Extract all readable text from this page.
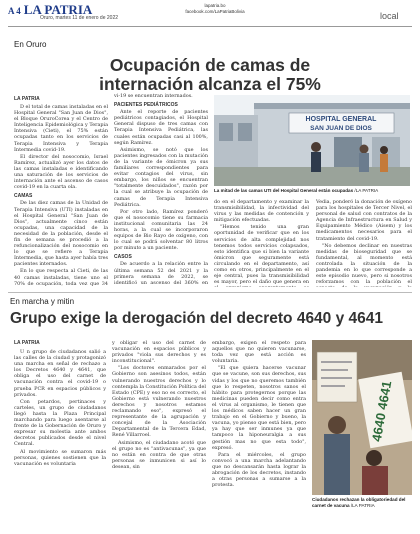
A 4 LA PATRIA
Oruro, martes 11 de enero de 2022
lapatria.bo
facebook.com/LaPatriaBolivia	local
En Oruro
Ocupación de camas de
internación alcanza el 75%
LA PATRIA

D el total de camas instaladas en el Hospital General "San Juan de Dios", el Bloque OruroCorea y el Centro de Inteligencia Epidemiológica y Terapia Intensiva (Cieti), el 75% están ocupadas tanto en los servicios de Terapia Intensiva y Terapia Intermedia covid-19.

El director del nosocomio, Israel Ramírez, actualizó ayer los datos de las camas instaladas e identificando una saturación de los servicios de internación ante el ascenso de casos covid-19 en la cuarta ola.

CAMAS

De las diez camas de la Unidad de Terapia Intensiva (UTI) instaladas en el Hospital General "San Juan de Dios", actualmente cinco están ocupadas, una capacidad de la necesidad de la población, desde el fin de semana se procedió a la refuncionalización del nosocomio en lo que se refiere a Terapia Intermedia, que hasta ayer había tres pacientes internados.

En lo que respecta al Cieti, de las 40 camas instaladas, tiene uno el 70% de ocupación, toda vez que 34

vi-19 se encuentran internados.

PACIENTES PEDIÁTRICOS

Ante el reporte de pacientes pediátricos contagiados, el Hospital General dispuso de tres camas con Terapia Intensiva Pediátrica, las cuales están ocupadas casi al 100%, según Ramírez.

Asimismo, se notó que los pacientes ingresados con la mutación de la variante de ómicron ya sus familiares correspondientes para evitar contagios del virus, sin embargo, los niños se encuentran "totalmente descuidados", razón por la cual se atribuye la ocupación de camas de Terapia Intensiva Pediátrica.

Por otro lado, Ramírez ponderó que el nosocomio tiene su farmacia institucional comunitaria las 24 horas, a la cual se incorporaron equipos de Bio Rayo de oxígeno, con lo cual se podrá solventar 80 litros por minuto a un paciente.

CASOS

De acuerdo a la relación entre la última semana 52 del 2021 y la primera semana de 2022, se identificó un ascenso del 360% en

HOSPITAL GENERAL
SAN JUAN DE DIOS
La mitad de las camas UTI del Hospital General están ocupadas /LA PATRIA

do en el departamento y examinar la transmisibilidad, la infectividad del virus y las medidas de contención y mitigación efectuadas.

"Hemos tenido una gran oportunidad de verificar que en los servicios de alta complejidad nos tenemos todos servicios colapsados, esto identifica que si bien la variante ómicron que seguramente está circulando en el departamento, así como en otros, principalmente en el eje central, pues la transmisibilidad es mayor, pero el daño que genera en

Vedia, ponderó la donación de oxígeno para los hospitales de Tercer Nivel, el personal de salud con contratos de la Agencia de Infraestructura en Salud y Equipamiento Médico (Aisem) y los medicamentos necesarios para el tratamiento del covid-19.

"No debemos declinar en nuestras medidas de bioseguridad que se fundamental, al momento está controlada la situación de la pandemia en lo que corresponde a este episodio nuevo, pero si nosotros reforzamos con la población el

En marcha y mitin
Grupo exige la derogación del decreto 4640 y 4641
LA PATRIA

U n grupo de ciudadanos salió a las calles de la ciudad y protagonizó una marcha en señal de rechazo a los Decretos 4640 y 4641, que obliga el uso del carnet de vacunación contra el covid-19 o prueba PCR en espacios públicos y privados.

Con petardos, pertinaces y carteles, un grupo de ciudadanos llegó hasta la Plaza Principal marchando para luego asentarse al frente de la Gobernación de Oruro y expresar su molestia ante ambos decretos publicados desde el nivel Central.

Al movimiento se sumaron más personas, quienes sostienen que la vacunación es voluntaria

y obligar el uso del carnet de vacunación en espacios públicos y privados "viola sus derechos y es inconstitucional".

"Los doctores enmarados por el Gobierno son asesinos todos, están vulnerando nuestros derechos y lo contempla la Constitución Política del Estado (CPE) y eso no es correcto, el Gobierno está vulnerando nuestros derechos y nosotros estamos reclamando eso", expresó el representante de la agrupación y concejal de la Asociación Departamental de la Tercera Edad, René Villarroel.

Asimismo, el ciudadano acotó que el grupo no es "antivacunas", ya que no están en contra de que otras personas se inmunicen si así lo desean, sin

embargo, exigen el respeto para aquellos que no quieren vacunarse, toda vez que está acción es voluntaria.

"El que quiera hacerse vacunar que se vacune, son sus derechos, sus vidas y los que no queremos también que lo respeten, nosotros sanos el hábito para protegernos porque las medicinas pueden decir como entra el virus al organismo, le tienen que los médicos saben hacer un gran trabajo en el Gobierno y bueno, la vacuna, yo pienso que está bien, pero ya hay que ser inmunes ya que tampoco la hiponeuralgia a sus gestión mas no que esta todo", expresó.

Para el miércoles, el grupo convocó a una marcha adelantando que no descansarán hasta lograr la abrogación de los decretos, instando a otras personas a sumarse a la protesta.

4640 4641
Ciudadanos rechazan la obligatoriedad del carnet de vacuna /LA PATRIA
